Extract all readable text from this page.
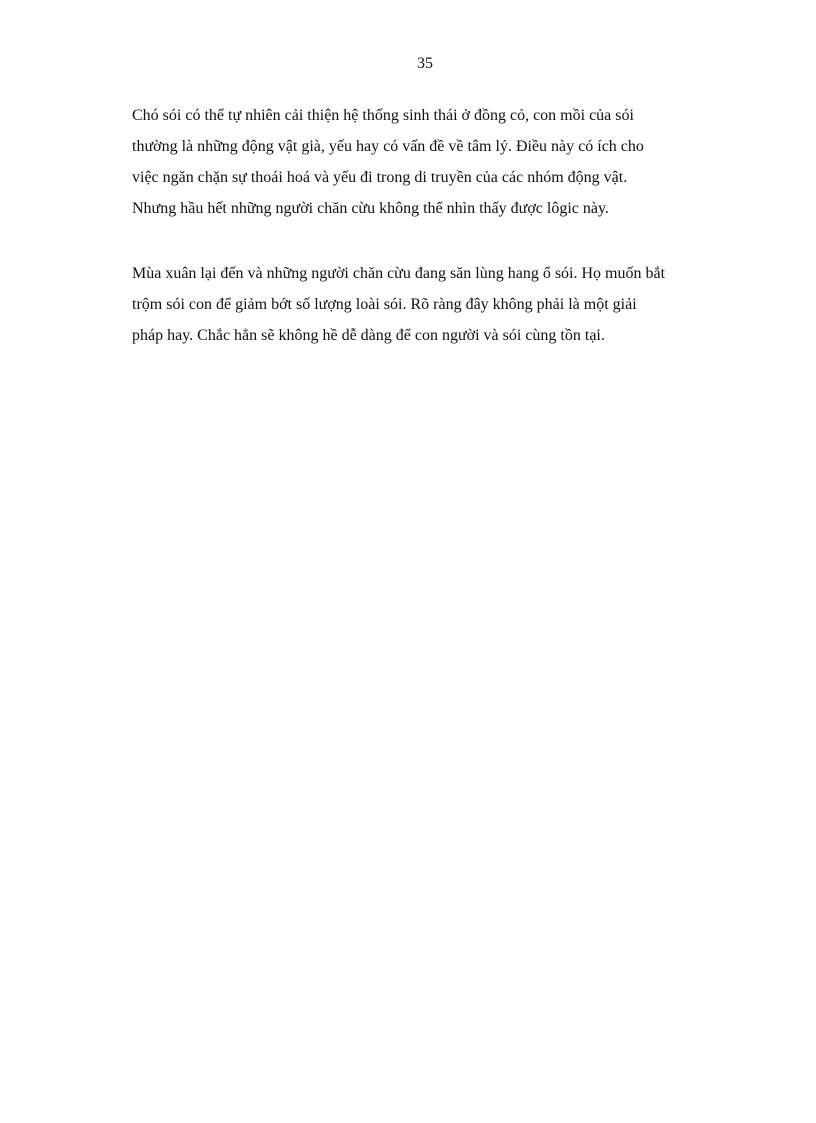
35
Chó sói có thể tự nhiên cải thiện hệ thống sinh thái ở đồng cỏ, con mồi của sói
thường là những động vật già, yếu hay có vấn đề về tâm lý. Điều này có ích cho
việc ngăn chặn sự thoái hoá và yếu đi trong di truyền của các nhóm động vật.
Nhưng hầu hết những người chăn cừu không thể nhìn thấy được lôgic này.
Mùa xuân lại đến và những người chăn cừu đang săn lùng hang ổ sói. Họ muốn bắt
trộm sói con để giảm bớt số lượng loài sói. Rõ ràng đây không phải là một giải
pháp hay. Chắc hẳn sẽ không hề dễ dàng để con người và sói cùng tồn tại.
